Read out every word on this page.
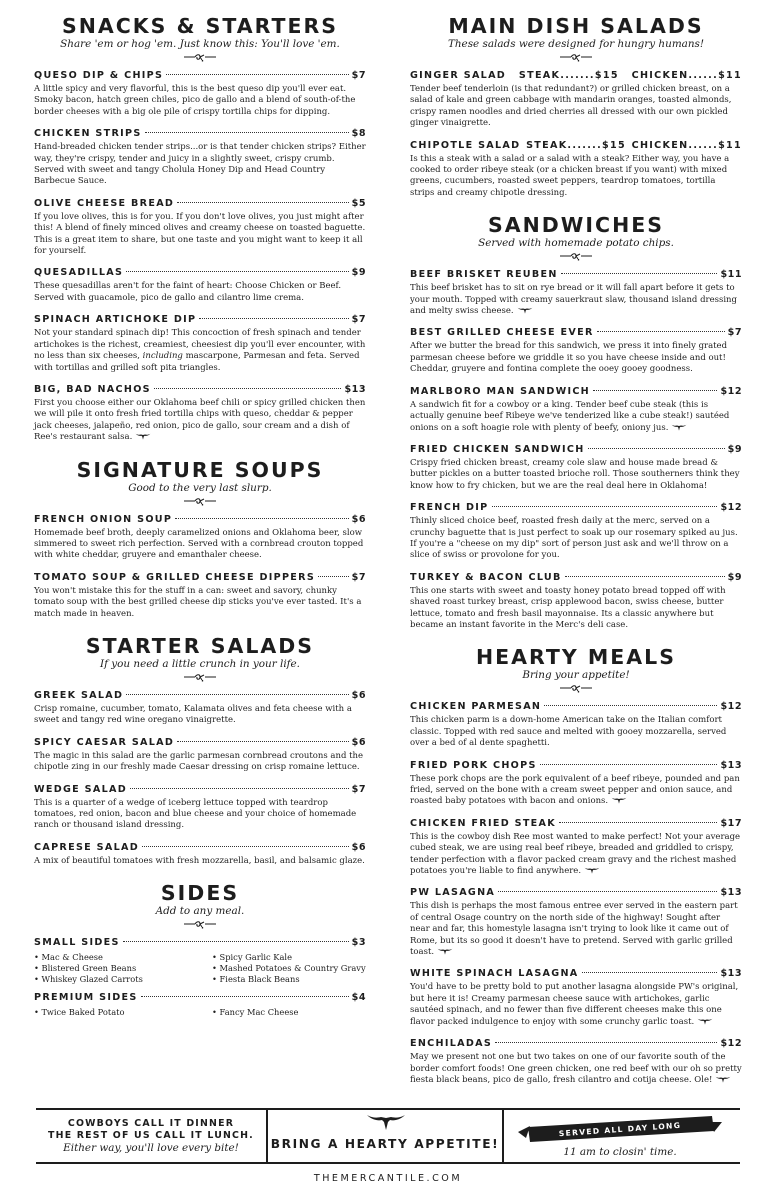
SNACKS & STARTERS
Share 'em or hog 'em. Just know this: You'll love 'em.
QUESO DIP & CHIPS	$7
A little spicy and very flavorful, this is the best queso dip you'll ever eat. Smoky bacon, hatch green chiles, pico de gallo and a blend of south-of-the border cheeses with a big ole pile of crispy tortilla chips for dipping.
CHICKEN STRIPS	$8
Hand-breaded chicken tender strips...or is that tender chicken strips? Either way, they're crispy, tender and juicy in a slightly sweet, crispy crumb. Served with sweet and tangy Cholula Honey Dip and Head Country Barbecue Sauce.
OLIVE CHEESE BREAD	$5
If you love olives, this is for you. If you don't love olives, you just might after this! A blend of finely minced olives and creamy cheese on toasted baguette. This is a great item to share, but one taste and you might want to keep it all for yourself.
QUESADILLAS	$9
These quesadillas aren't for the faint of heart: Choose Chicken or Beef. Served with guacamole, pico de gallo and cilantro lime crema.
SPINACH ARTICHOKE DIP	$7
Not your standard spinach dip! This concoction of fresh spinach and tender artichokes is the richest, creamiest, cheesiest dip you'll ever encounter, with no less than six cheeses, including mascarpone, Parmesan and feta. Served with tortillas and grilled soft pita triangles.
BIG, BAD NACHOS	$13
First you choose either our Oklahoma beef chili or spicy grilled chicken then we will pile it onto fresh fried tortilla chips with queso, cheddar & pepper jack cheeses, jalapeño, red onion, pico de gallo, sour cream and a dish of Ree's restaurant salsa.
SIGNATURE SOUPS
Good to the very last slurp.
FRENCH ONION SOUP	$6
Homemade beef broth, deeply caramelized onions and Oklahoma beer, slow simmered to sweet rich perfection. Served with a cornbread crouton topped with white cheddar, gruyere and emanthaler cheese.
TOMATO SOUP & GRILLED CHEESE DIPPERS	$7
You won't mistake this for the stuff in a can: sweet and savory, chunky tomato soup with the best grilled cheese dip sticks you've ever tasted. It's a match made in heaven.
STARTER SALADS
If you need a little crunch in your life.
GREEK SALAD	$6
Crisp romaine, cucumber, tomato, Kalamata olives and feta cheese with a sweet and tangy red wine oregano vinaigrette.
SPICY CAESAR SALAD	$6
The magic in this salad are the garlic parmesan cornbread croutons and the chipotle zing in our freshly made Caesar dressing on crisp romaine lettuce.
WEDGE SALAD	$7
This is a quarter of a wedge of iceberg lettuce topped with teardrop tomatoes, red onion, bacon and blue cheese and your choice of homemade ranch or thousand island dressing.
CAPRESE SALAD	$6
A mix of beautiful tomatoes with fresh mozzarella, basil, and balsamic glaze.
SIDES
Add to any meal.
SMALL SIDES	$3
• Mac & Cheese	• Spicy Garlic Kale
• Blistered Green Beans	• Mashed Potatoes & Country Gravy
• Whiskey Glazed Carrots	• Fiesta Black Beans
PREMIUM SIDES	$4
• Twice Baked Potato	• Fancy Mac Cheese
MAIN DISH SALADS
These salads were designed for hungry humans!
GINGER SALAD STEAK.......$15 CHICKEN......$11
Tender beef tenderloin (is that redundant?) or grilled chicken breast, on a salad of kale and green cabbage with mandarin oranges, toasted almonds, crispy ramen noodles and dried cherries all dressed with our own pickled ginger vinaigrette.
CHIPOTLE SALAD STEAK.......$15 CHICKEN......$11
Is this a steak with a salad or a salad with a steak? Either way, you have a cooked to order ribeye steak (or a chicken breast if you want) with mixed greens, cucumbers, roasted sweet peppers, teardrop tomatoes, tortilla strips and creamy chipotle dressing.
SANDWICHES
Served with homemade potato chips.
BEEF BRISKET REUBEN	$11
This beef brisket has to sit on rye bread or it will fall apart before it gets to your mouth. Topped with creamy sauerkraut slaw, thousand island dressing and melty swiss cheese.
BEST GRILLED CHEESE EVER	$7
After we butter the bread for this sandwich, we press it into finely grated parmesan cheese before we griddle it so you have cheese inside and out! Cheddar, gruyere and fontina complete the ooey gooey goodness.
MARLBORO MAN SANDWICH	$12
A sandwich fit for a cowboy or a king. Tender beef cube steak (this is actually genuine beef Ribeye we've tenderized like a cube steak!) sautéed onions on a soft hoagie role with plenty of beefy, oniony jus.
FRIED CHICKEN SANDWICH	$9
Crispy fried chicken breast, creamy cole slaw and house made bread & butter pickles on a butter toasted brioche roll. Those southerners think they know how to fry chicken, but we are the real deal here in Oklahoma!
FRENCH DIP	$12
Thinly sliced choice beef, roasted fresh daily at the merc, served on a crunchy baguette that is just perfect to soak up our rosemary spiked au jus. If you're a "cheese on my dip" sort of person just ask and we'll throw on a slice of swiss or provolone for you.
TURKEY & BACON CLUB	$9
This one starts with sweet and toasty honey potato bread topped off with shaved roast turkey breast, crisp applewood bacon, swiss cheese, butter lettuce, tomato and fresh basil mayonnaise. Its a classic anywhere but became an instant favorite in the Merc's deli case.
HEARTY MEALS
Bring your appetite!
CHICKEN PARMESAN	$12
This chicken parm is a down-home American take on the Italian comfort classic. Topped with red sauce and melted with gooey mozzarella, served over a bed of al dente spaghetti.
FRIED PORK CHOPS	$13
These pork chops are the pork equivalent of a beef ribeye, pounded and pan fried, served on the bone with a cream sweet pepper and onion sauce, and roasted baby potatoes with bacon and onions.
CHICKEN FRIED STEAK	$17
This is the cowboy dish Ree most wanted to make perfect! Not your average cubed steak, we are using real beef ribeye, breaded and griddled to crispy, tender perfection with a flavor packed cream gravy and the richest mashed potatoes you're liable to find anywhere.
PW LASAGNA	$13
This dish is perhaps the most famous entree ever served in the eastern part of central Osage country on the north side of the highway! Sought after near and far, this homestyle lasagna isn't trying to look like it came out of Rome, but its so good it doesn't have to pretend. Served with garlic grilled toast.
WHITE SPINACH LASAGNA	$13
You'd have to be pretty bold to put another lasagna alongside PW's original, but here it is! Creamy parmesan cheese sauce with artichokes, garlic sautéed spinach, and no fewer than five different cheeses make this one flavor packed indulgence to enjoy with some crunchy garlic toast.
ENCHILADAS	$12
May we present not one but two takes on one of our favorite south of the border comfort foods! One green chicken, one red beef with our oh so pretty fiesta black beans, pico de gallo, fresh cilantro and cotija cheese. Ole!
COWBOYS CALL IT DINNER
THE REST OF US CALL IT LUNCH.
Either way, you'll love every bite!	BRING A HEARTY APPETITE!
SERVED ALL DAY LONG
11 am to closin' time.
THEMERCANTILE.COM
